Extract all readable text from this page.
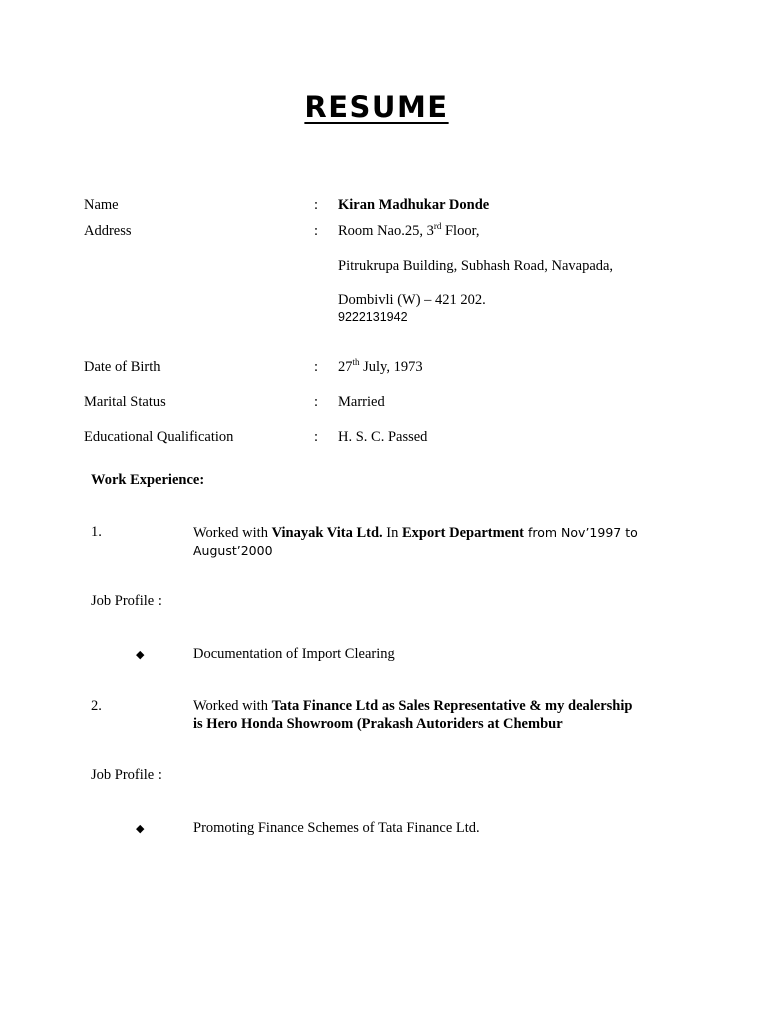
RESUME
Name	: Kiran Madhukar Donde
Address	: Room Nao.25, 3rd Floor,
Pitrukrupa Building, Subhash Road, Navapada,
Dombivli (W) – 421 202.
9222131942
Date of Birth	: 27th July, 1973
Marital Status	: Married
Educational Qualification	: H. S. C. Passed
Work Experience:
1.	Worked with Vinayak Vita Ltd. In Export Department from Nov’1997 to
August’2000
Job Profile :
◆	Documentation of Import Clearing
2.	Worked with Tata Finance Ltd as Sales Representative & my dealership
is Hero Honda Showroom (Prakash Autoriders at Chembur
Job Profile :
◆	Promoting Finance Schemes of Tata Finance Ltd.
